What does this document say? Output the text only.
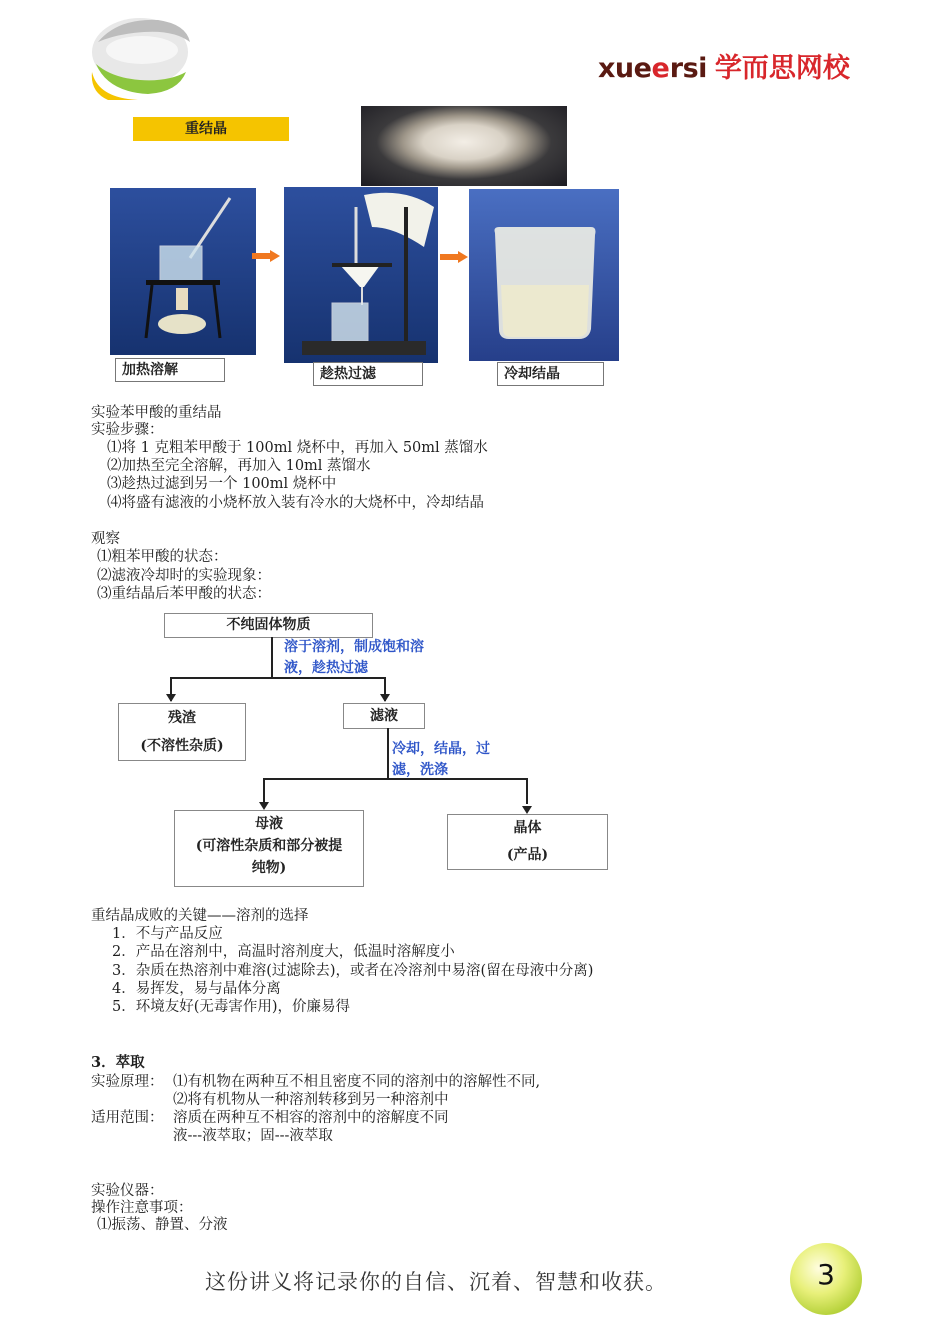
xueersi 学而思网校
重结晶
加热溶解	趁热过滤	冷却结晶
实验苯甲酸的重结晶
实验步骤：
⑴将 1 克粗苯甲酸于 100ml 烧杯中，再加入 50ml 蒸馏水
⑵加热至完全溶解，再加入 10ml 蒸馏水
⑶趁热过滤到另一个 100ml 烧杯中
⑷将盛有滤液的小烧杯放入装有冷水的大烧杯中，冷却结晶
观察
⑴粗苯甲酸的状态：
⑵滤液冷却时的实验现象：
⑶重结晶后苯甲酸的状态：
不纯固体物质
溶于溶剂，制成饱和溶
液，趁热过滤
残渣
(不溶性杂质)
滤液
冷却，结晶，过
滤，洗涤
母液
(可溶性杂质和部分被提
纯物)
晶体
(产品)
重结晶成败的关键——溶剂的选择
1．不与产品反应
2．产品在溶剂中，高温时溶剂度大，低温时溶解度小
3．杂质在热溶剂中难溶(过滤除去)，或者在冷溶剂中易溶(留在母液中分离)
4．易挥发，易与晶体分离
5．环境友好(无毒害作用)，价廉易得
3．萃取
实验原理： ⑴有机物在两种互不相且密度不同的溶剂中的溶解性不同,
⑵将有机物从一种溶剂转移到另一种溶剂中
适用范围： 溶质在两种互不相容的溶剂中的溶解度不同
液---液萃取；固---液萃取
实验仪器：
操作注意事项：
⑴振荡、静置、分液
这份讲义将记录你的自信、沉着、智慧和收获。	3
